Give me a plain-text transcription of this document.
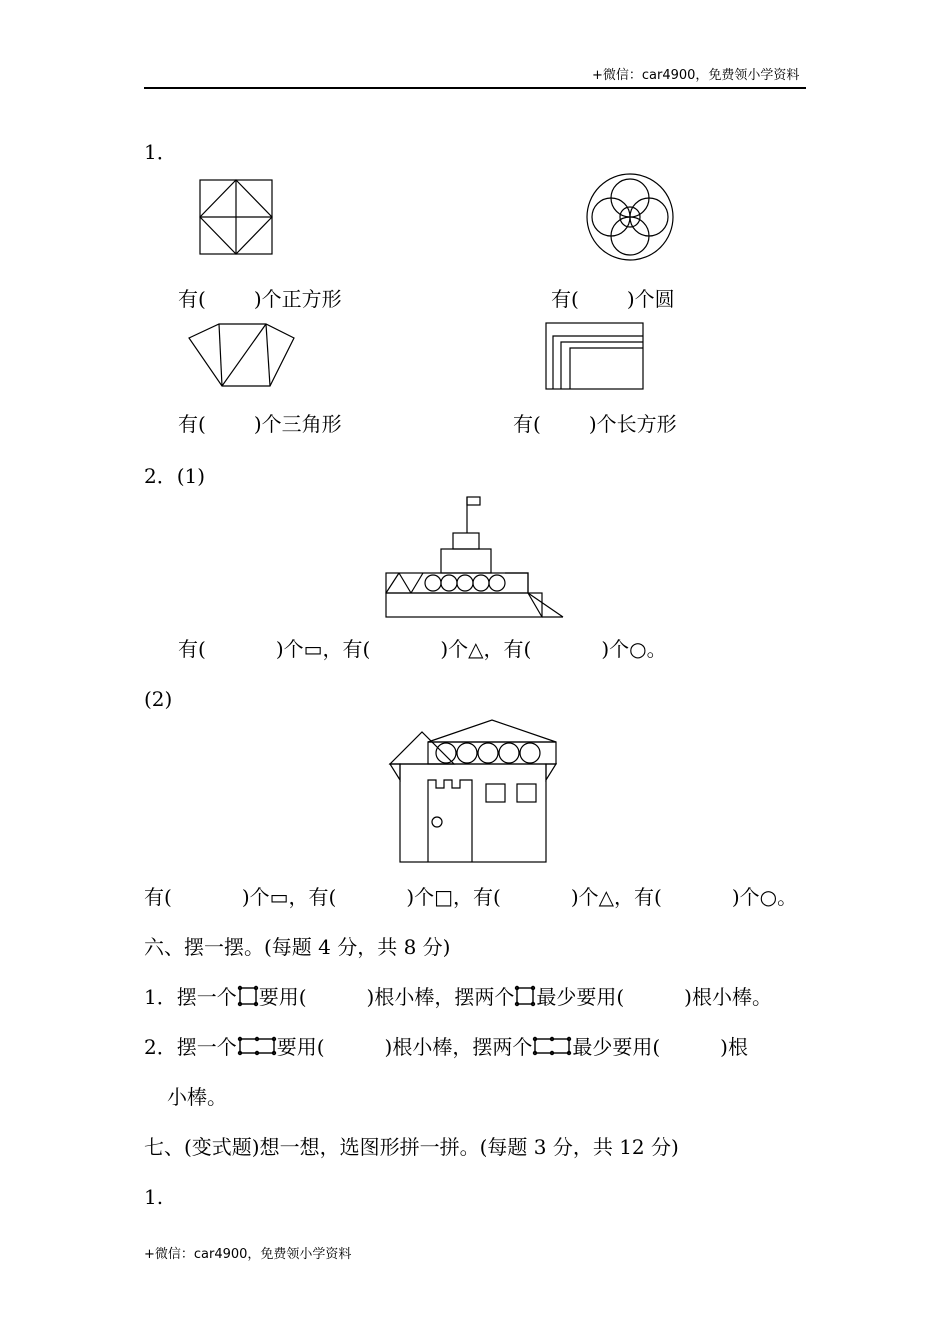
+微信：car4900，免费领小学资料
1．
有( )个正方形	有( )个圆
有( )个三角形	有( )个长方形
2．(1)
有(	)个▭，有(	)个△，有(	)个○。
(2)
有(	)个▭，有(	)个□，有(	)个△，有(	)个○。
六、摆一摆。(每题 4 分，共 8 分)
1．摆一个 要用(	)根小棒，摆两个 最少要用(	)根小棒。
2．摆一个 要用(	)根小棒，摆两个 最少要用(	)根
小棒。
七、(变式题)想一想，选图形拼一拼。(每题 3 分，共 12 分)
1.
+微信：car4900，免费领小学资料
